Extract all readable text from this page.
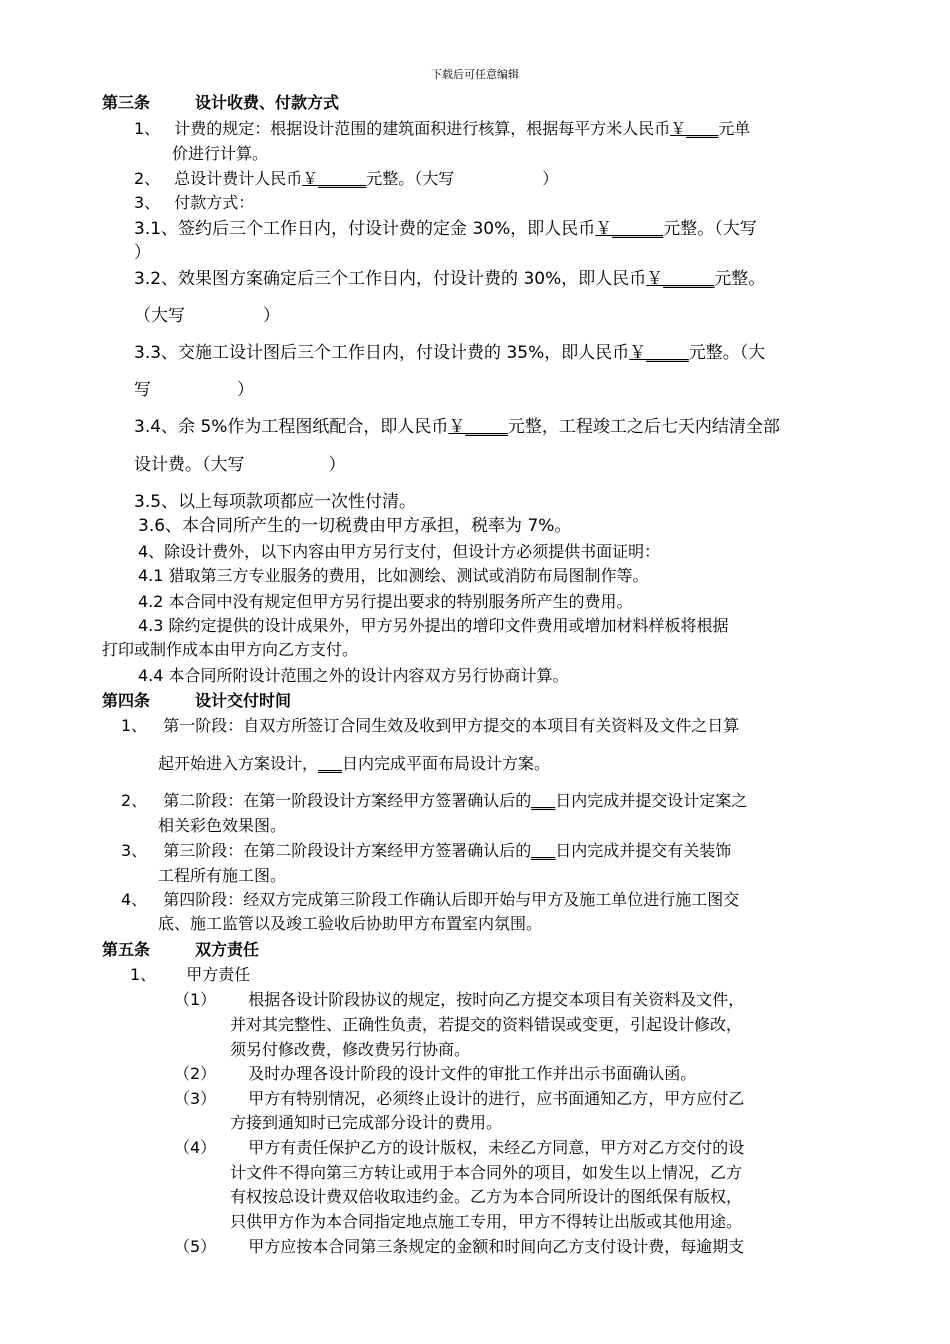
下载后可任意编辑
第三条	设计收费、付款方式
1、 计费的规定：根据设计范围的建筑面积进行核算，根据每平方米人民币￥____元单
价进行计算。
2、 总设计费计人民币￥______元整。（大写	）
3、 付款方式：
3.1、签约后三个工作日内，付设计费的定金 30%，即人民币￥______元整。（大写
）
3.2、效果图方案确定后三个工作日内，付设计费的 30%，即人民币￥______元整。
（大写	）
3.3、交施工设计图后三个工作日内，付设计费的 35%，即人民币￥_____元整。（大
写	）
3.4、余 5%作为工程图纸配合，即人民币￥_____元整，工程竣工之后七天内结清全部
设计费。（大写	）
3.5、以上每项款项都应一次性付清。
3.6、本合同所产生的一切税费由甲方承担，税率为 7%。
4、除设计费外，以下内容由甲方另行支付，但设计方必须提供书面证明：
4.1 猎取第三方专业服务的费用，比如测绘、测试或消防布局图制作等。
4.2 本合同中没有规定但甲方另行提出要求的特别服务所产生的费用。
4.3 除约定提供的设计成果外，甲方另外提出的增印文件费用或增加材料样板将根据
打印或制作成本由甲方向乙方支付。
4.4 本合同所附设计范围之外的设计内容双方另行协商计算。
第四条	设计交付时间
1、 第一阶段：自双方所签订合同生效及收到甲方提交的本项目有关资料及文件之日算
起开始进入方案设计，___日内完成平面布局设计方案。
2、 第二阶段：在第一阶段设计方案经甲方签署确认后的___日内完成并提交设计定案之
相关彩色效果图。
3、 第三阶段：在第二阶段设计方案经甲方签署确认后的___日内完成并提交有关装饰
工程所有施工图。
4、 第四阶段：经双方完成第三阶段工作确认后即开始与甲方及施工单位进行施工图交
底、施工监管以及竣工验收后协助甲方布置室内氛围。
第五条	双方责任
1、 甲方责任
（1） 根据各设计阶段协议的规定，按时向乙方提交本项目有关资料及文件，
并对其完整性、正确性负责，若提交的资料错误或变更，引起设计修改，
须另付修改费，修改费另行协商。
（2） 及时办理各设计阶段的设计文件的审批工作并出示书面确认函。
（3） 甲方有特别情况，必须终止设计的进行，应书面通知乙方，甲方应付乙
方接到通知时已完成部分设计的费用。
（4） 甲方有责任保护乙方的设计版权，未经乙方同意，甲方对乙方交付的设
计文件不得向第三方转让或用于本合同外的项目，如发生以上情况，乙方
有权按总设计费双倍收取违约金。乙方为本合同所设计的图纸保有版权，
只供甲方作为本合同指定地点施工专用，甲方不得转让出版或其他用途。
（5） 甲方应按本合同第三条规定的金额和时间向乙方支付设计费，每逾期支
